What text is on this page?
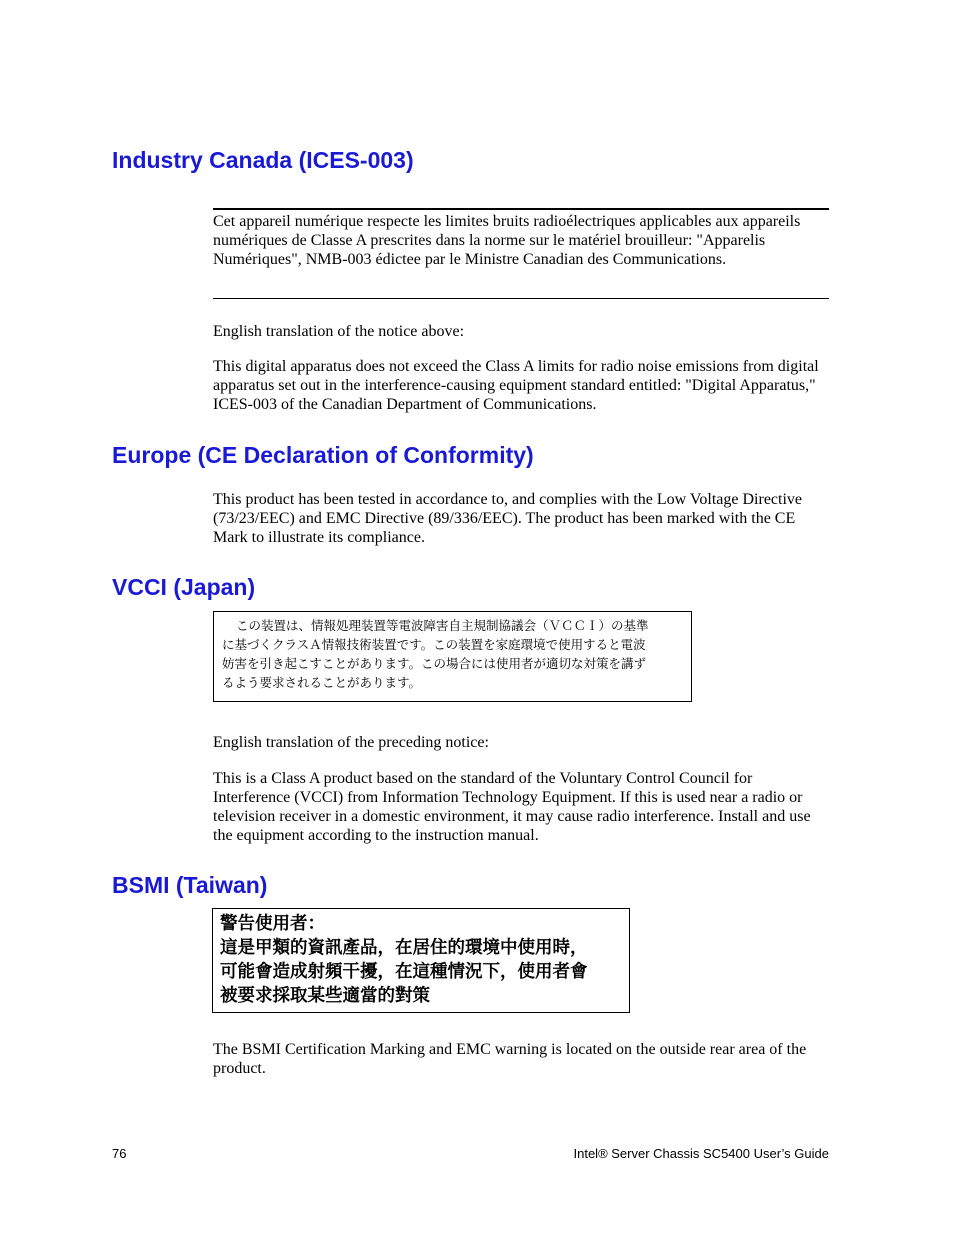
Industry Canada (ICES-003)

Cet appareil numérique respecte les limites bruits radioélectriques applicables aux appareils numériques de Classe A prescrites dans la norme sur le matériel brouilleur: "Apparelis Numériques", NMB-003 édictee par le Ministre Canadian des Communications.

English translation of the notice above:

This digital apparatus does not exceed the Class A limits for radio noise emissions from digital apparatus set out in the interference-causing equipment standard entitled: "Digital Apparatus," ICES-003 of the Canadian Department of Communications.

Europe (CE Declaration of Conformity)

This product has been tested in accordance to, and complies with the Low Voltage Directive (73/23/EEC) and EMC Directive (89/336/EEC). The product has been marked with the CE Mark to illustrate its compliance.

VCCI (Japan)
この装置は、情報処理装置等電波障害自主規制協議会（ＶＣＣＩ）の基準
に基づくクラスＡ情報技術装置です。この装置を家庭環境で使用すると電波
妨害を引き起こすことがあります。この場合には使用者が適切な対策を講ず
るよう要求されることがあります。

English translation of the preceding notice:

This is a Class A product based on the standard of the Voluntary Control Council for Interference (VCCI) from Information Technology Equipment. If this is used near a radio or television receiver in a domestic environment, it may cause radio interference. Install and use the equipment according to the instruction manual.

BSMI (Taiwan)
警告使用者：
這是甲類的資訊產品，在居住的環境中使用時，
可能會造成射頻干擾，在這種情況下，使用者會
被要求採取某些適當的對策

The BSMI Certification Marking and EMC warning is located on the outside rear area of the product.

76	Intel® Server Chassis SC5400 User’s Guide
